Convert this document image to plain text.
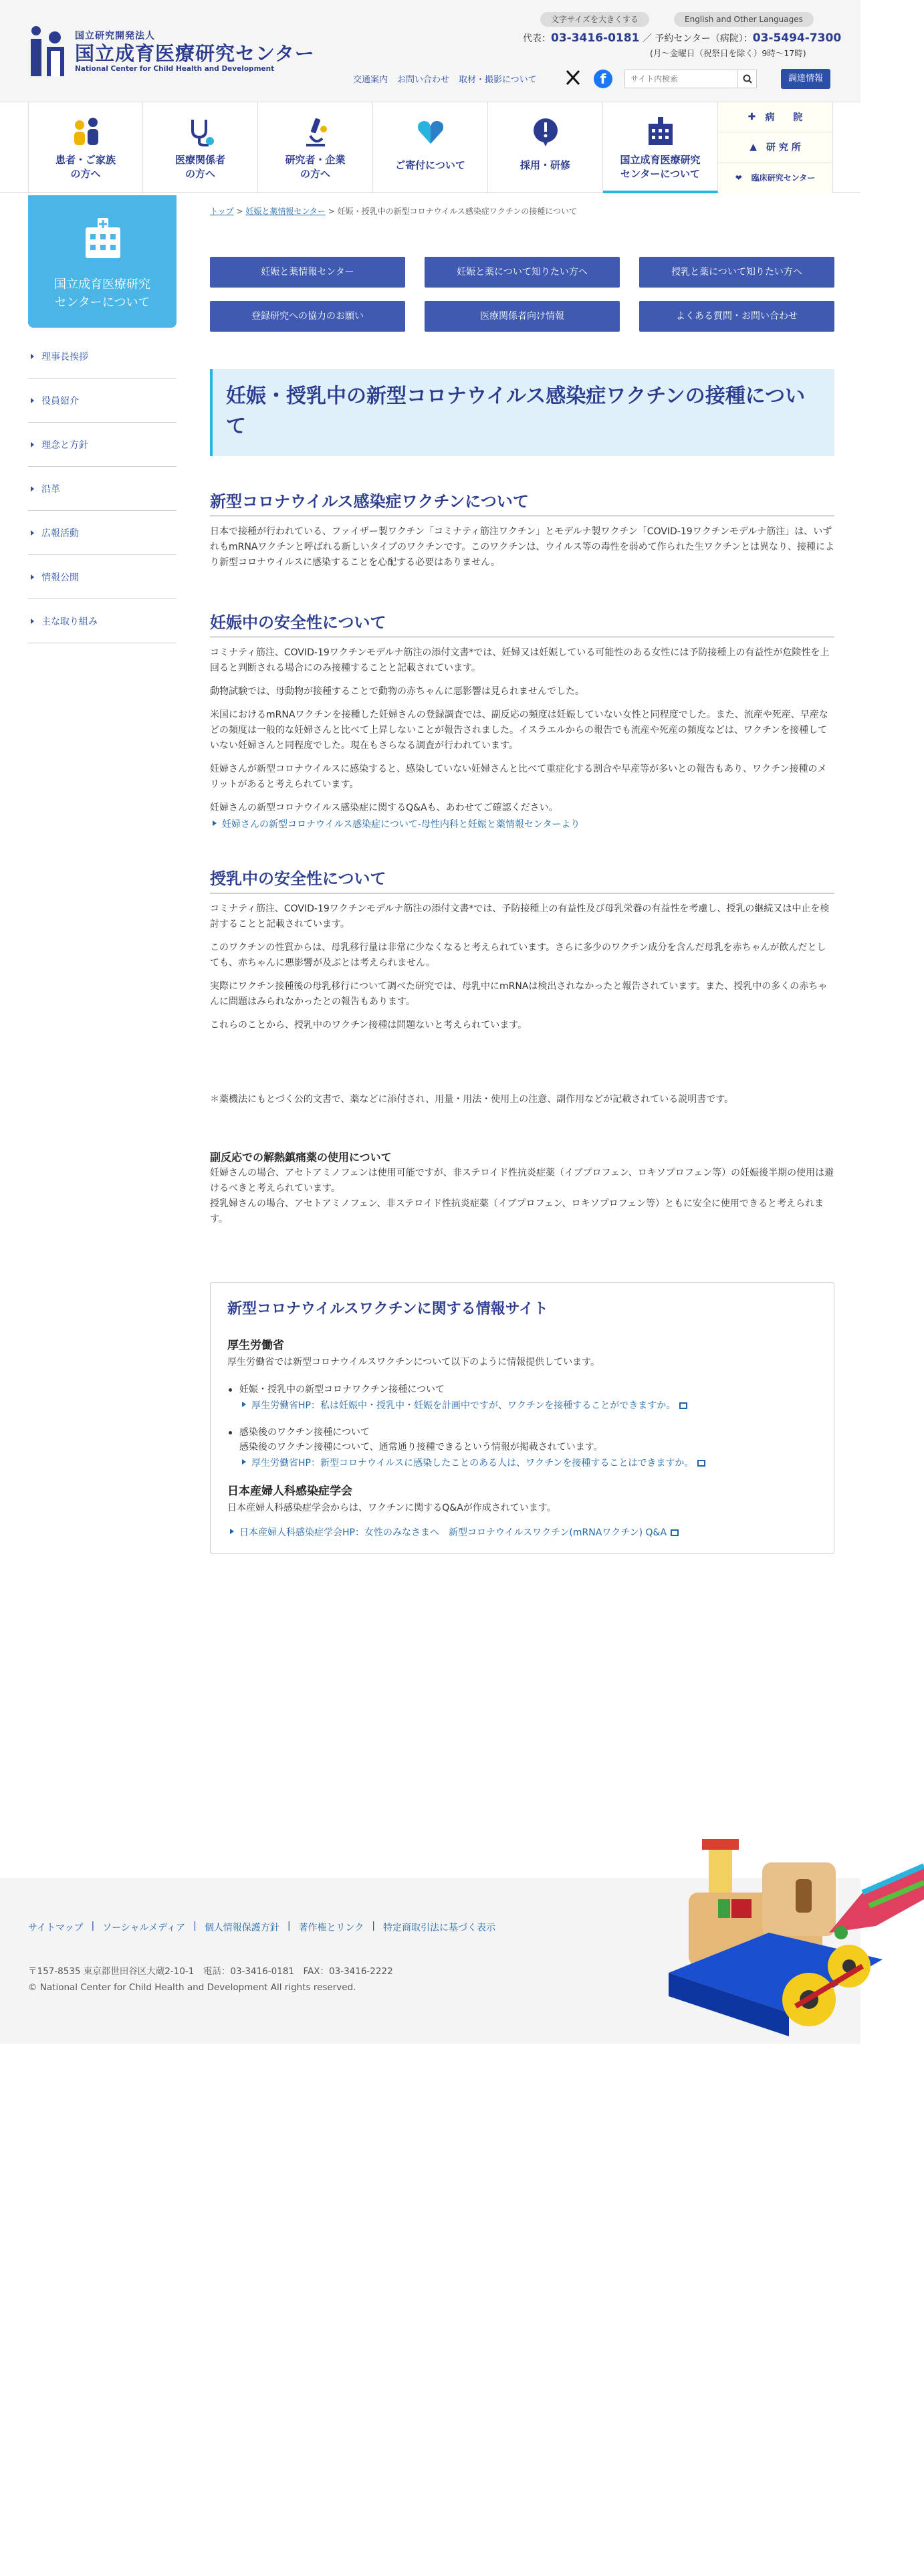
国立研究開発法人
国立成育医療研究センター
National Center for Child Health and Development
文字サイズを大きくする	English and Other Languages
代表：03-3416-0181 ／ 予約センター（病院）：03-5494-7300
(月〜金曜日（祝祭日を除く）9時〜17時)
交通案内 お問い合わせ 取材・撮影について	f
サイト内検索	調達情報
患者・ご家族
の方へ
医療関係者
の方へ
研究者・企業
の方へ
ご寄付について	採用・研修	国立成育医療研究
センターについて
✚ 病　　院
▲ 研 究 所
❤ 臨床研究センター
国立成育医療研究
センターについて
理事長挨拶
役員紹介
理念と方針
沿革
広報活動
情報公開
主な取り組み
トップ > 妊娠と薬情報センター > 妊娠・授乳中の新型コロナウイルス感染症ワクチンの接種について
妊娠と薬情報センター	妊娠と薬について知りたい方へ	授乳と薬について知りたい方へ
登録研究への協力のお願い	医療関係者向け情報	よくある質問・お問い合わせ
妊娠・授乳中の新型コロナウイルス感染症ワクチンの接種について
新型コロナウイルス感染症ワクチンについて

日本で接種が行われている、ファイザー製ワクチン「コミナティ筋注ワクチン」とモデルナ製ワクチン「COVID-19ワクチンモデルナ筋注」は、いずれもmRNAワクチンと呼ばれる新しいタイプのワクチンです。このワクチンは、ウイルス等の毒性を弱めて作られた生ワクチンとは異なり、接種により新型コロナウイルスに感染することを心配する必要はありません。

妊娠中の安全性について

コミナティ筋注、COVID-19ワクチンモデルナ筋注の添付文書*では、妊婦又は妊娠している可能性のある女性には予防接種上の有益性が危険性を上回ると判断される場合にのみ接種することと記載されています。

動物試験では、母動物が接種することで動物の赤ちゃんに悪影響は見られませんでした。

米国におけるmRNAワクチンを接種した妊婦さんの登録調査では、副反応の頻度は妊娠していない女性と同程度でした。また、流産や死産、早産などの頻度は一般的な妊婦さんと比べて上昇しないことが報告されました。イスラエルからの報告でも流産や死産の頻度などは、ワクチンを接種していない妊婦さんと同程度でした。現在もさらなる調査が行われています。

妊婦さんが新型コロナウイルスに感染すると、感染していない妊婦さんと比べて重症化する割合や早産等が多いとの報告もあり、ワクチン接種のメリットがあると考えられています。

妊婦さんの新型コロナウイルス感染症に関するQ&Aも、あわせてご確認ください。

妊婦さんの新型コロナウイルス感染症について-母性内科と妊娠と薬情報センターより
授乳中の安全性について

コミナティ筋注、COVID-19ワクチンモデルナ筋注の添付文書*では、予防接種上の有益性及び母乳栄養の有益性を考慮し、授乳の継続又は中止を検討することと記載されています。

このワクチンの性質からは、母乳移行量は非常に少なくなると考えられています。さらに多少のワクチン成分を含んだ母乳を赤ちゃんが飲んだとしても、赤ちゃんに悪影響が及ぶとは考えられません。

実際にワクチン接種後の母乳移行について調べた研究では、母乳中にmRNAは検出されなかったと報告されています。また、授乳中の多くの赤ちゃんに問題はみられなかったとの報告もあります。

これらのことから、授乳中のワクチン接種は問題ないと考えられています。

＊薬機法にもとづく公的文書で、薬などに添付され、用量・用法・使用上の注意、副作用などが記載されている説明書です。

副反応での解熱鎮痛薬の使用について

妊婦さんの場合、アセトアミノフェンは使用可能ですが、非ステロイド性抗炎症薬（イブプロフェン、ロキソプロフェン等）の妊娠後半期の使用は避けるべきと考えられています。

授乳婦さんの場合、アセトアミノフェン、非ステロイド性抗炎症薬（イブプロフェン、ロキソプロフェン等）ともに安全に使用できると考えられます。

新型コロナウイルスワクチンに関する情報サイト
厚生労働省

厚生労働省では新型コロナウイルスワクチンについて以下のように情報提供しています。

妊娠・授乳中の新型コロナワクチン接種について
厚生労働省HP：私は妊娠中・授乳中・妊娠を計画中ですが、ワクチンを接種することができますか。
感染後のワクチン接種について
感染後のワクチン接種について、通常通り接種できるという情報が掲載されています。
厚生労働省HP：新型コロナウイルスに感染したことのある人は、ワクチンを接種することはできますか。
日本産婦人科感染症学会

日本産婦人科感染症学会からは、ワクチンに関するQ&Aが作成されています。

日本産婦人科感染症学会HP：女性のみなさまへ　新型コロナウイルスワクチン(mRNAワクチン) Q&A
サイトマップ | ソーシャルメディア | 個人情報保護方針 | 著作権とリンク | 特定商取引法に基づく表示
〒157-8535 東京都世田谷区大蔵2-10-1　電話：03-3416-0181　FAX：03-3416-2222
© National Center for Child Health and Development All rights reserved.
